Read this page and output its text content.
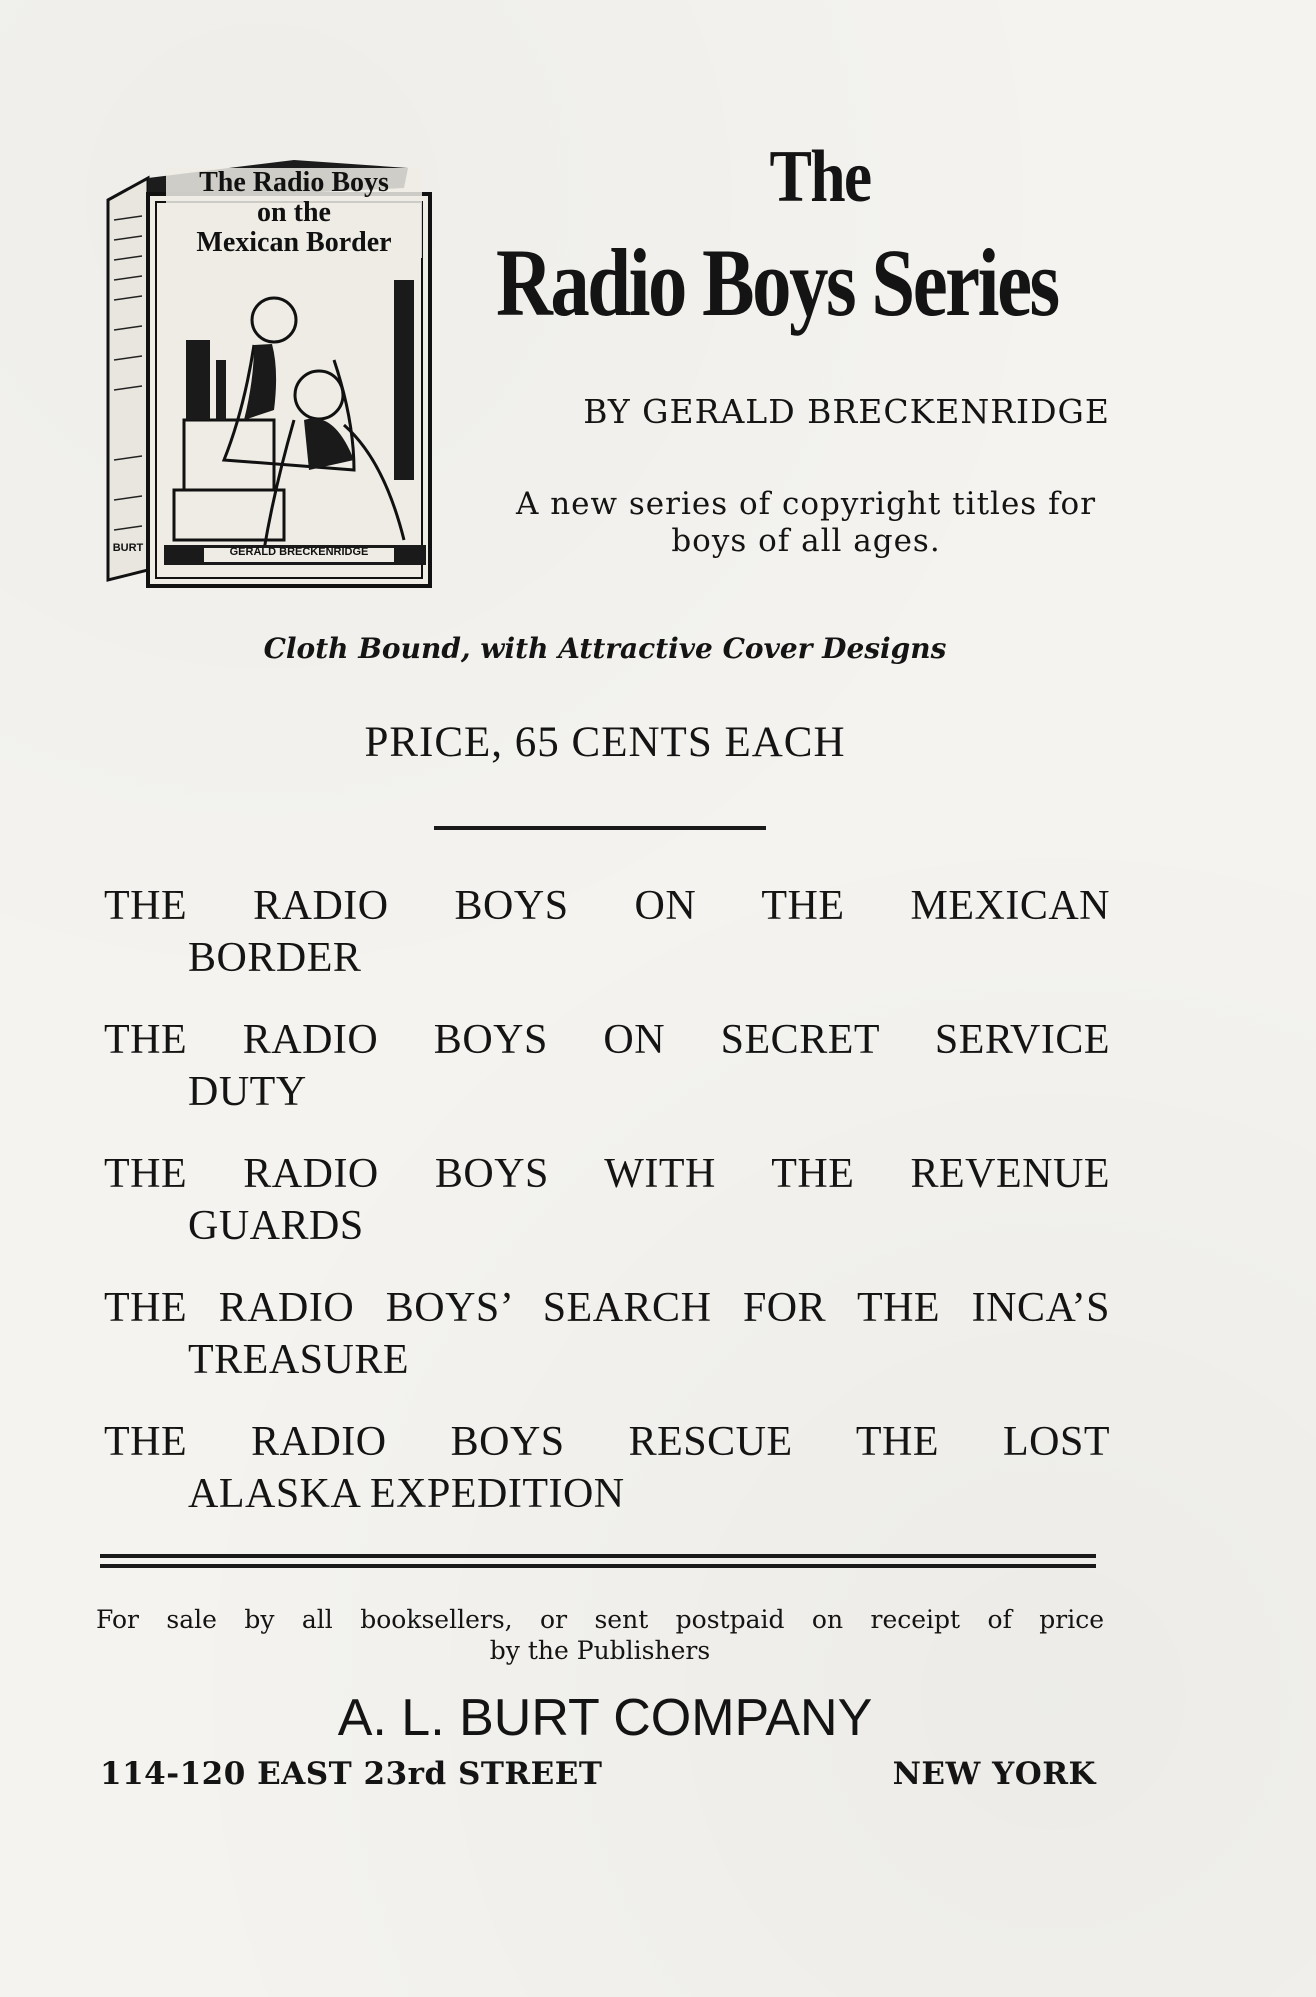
The Radio Boys
on the
Mexican Border
GERALD BRECKENRIDGE
BURT
The
Radio Boys Series
BY GERALD BRECKENRIDGE
A new series of copyright titles for boys of all ages.
Cloth Bound, with Attractive Cover Designs
PRICE, 65 CENTS EACH
THE RADIO BOYS ON THE MEXICAN
BORDER
THE RADIO BOYS ON SECRET SERVICE
DUTY
THE RADIO BOYS WITH THE REVENUE
GUARDS
THE RADIO BOYS’ SEARCH FOR THE INCA’S
TREASURE
THE RADIO BOYS RESCUE THE LOST
ALASKA EXPEDITION
For sale by all booksellers, or sent postpaid on receipt of price
by the Publishers
A. L. BURT COMPANY
114-120 EAST 23rd STREET	NEW YORK
